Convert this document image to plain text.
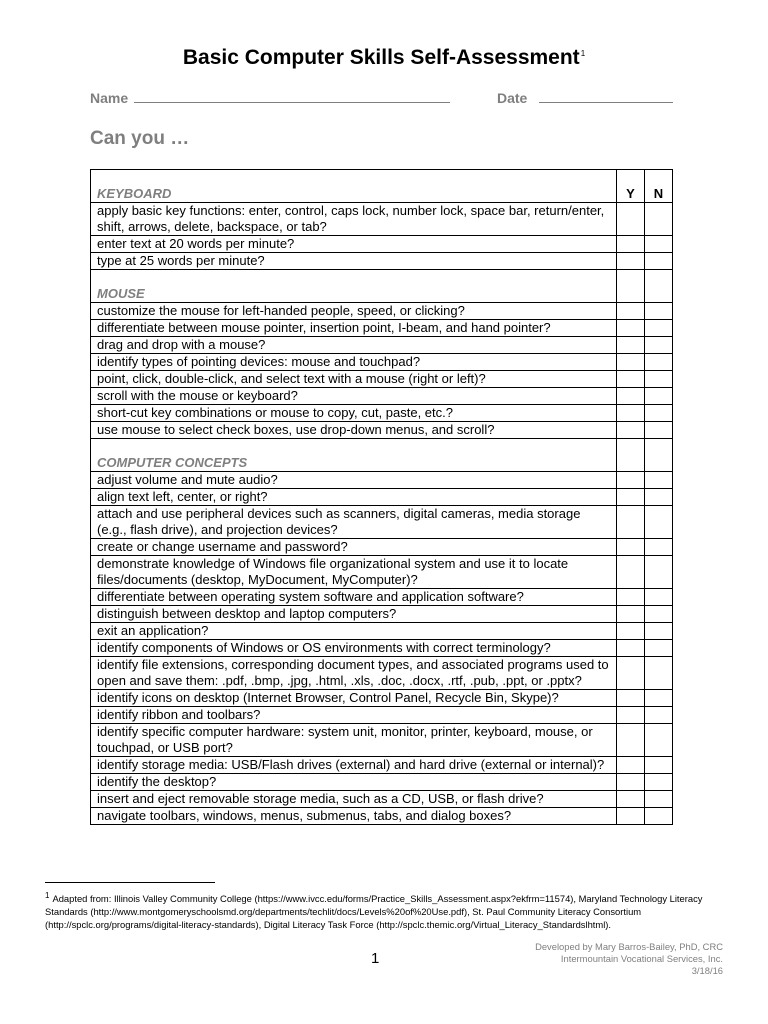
Basic Computer Skills Self-Assessment$^1$
Name	Date
Can you …
KEYBOARD	Y	N
apply basic key functions: enter, control, caps lock, number lock, space bar, return/enter, shift, arrows, delete, backspace, or tab?		
enter text at 20 words per minute?		
type at 25 words per minute?		
MOUSE		
customize the mouse for left-handed people, speed, or clicking?		
differentiate between mouse pointer, insertion point, I-beam, and hand pointer?		
drag and drop with a mouse?		
identify types of pointing devices: mouse and touchpad?		
point, click, double-click, and select text with a mouse (right or left)?		
scroll with the mouse or keyboard?		
short-cut key combinations or mouse to copy, cut, paste, etc.?		
use mouse to select check boxes, use drop-down menus, and scroll?		
COMPUTER CONCEPTS		
adjust volume and mute audio?		
align text left, center, or right?		
attach and use peripheral devices such as scanners, digital cameras, media storage (e.g., flash drive), and projection devices?		
create or change username and password?		
demonstrate knowledge of Windows file organizational system and use it to locate files/documents (desktop, MyDocument, MyComputer)?		
differentiate between operating system software and application software?		
distinguish between desktop and laptop computers?		
exit an application?		
identify components of Windows or OS environments with correct terminology?		
identify file extensions, corresponding document types, and associated programs used to open and save them: .pdf, .bmp, .jpg, .html, .xls, .doc, .docx, .rtf, .pub, .ppt, or .pptx?		
identify icons on desktop (Internet Browser, Control Panel, Recycle Bin, Skype)?		
identify ribbon and toolbars?		
identify specific computer hardware: system unit, monitor, printer, keyboard, mouse, or touchpad, or USB port?		
identify storage media: USB/Flash drives (external) and hard drive (external or internal)?		
identify the desktop?		
insert and eject removable storage media, such as a CD, USB, or flash drive?		
navigate toolbars, windows, menus, submenus, tabs, and dialog boxes?		
$^1$ Adapted from: Illinois Valley Community College (https://www.ivcc.edu/forms/Practice_Skills_Assessment.aspx?ekfrm=11574), Maryland Technology Literacy Standards (http://www.montgomeryschoolsmd.org/departments/techlit/docs/Levels%20of%20Use.pdf), St. Paul Community Literacy Consortium (http://spclc.org/programs/digital-literacy-standards), Digital Literacy Task Force (http://spclc.themic.org/Virtual_Literacy_Standardslhtml).
1
Developed by Mary Barros-Bailey, PhD, CRC
Intermountain Vocational Services, Inc.
3/18/16
